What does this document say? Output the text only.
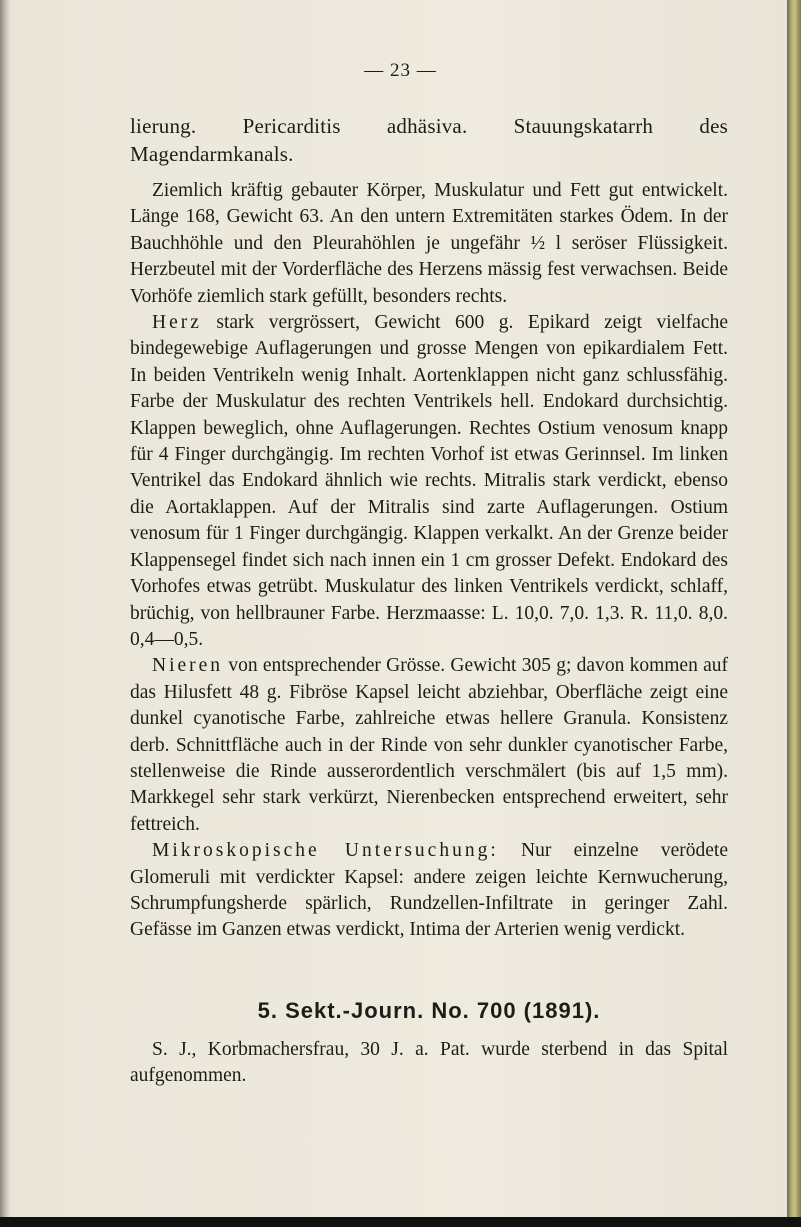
— 23 —

lierung. Pericarditis adhäsiva. Stauungskatarrh des Magendarmkanals.

Ziemlich kräftig gebauter Körper, Muskulatur und Fett gut entwickelt. Länge 168, Gewicht 63. An den untern Extremitäten starkes Ödem. In der Bauchhöhle und den Pleurahöhlen je ungefähr ½ l seröser Flüssigkeit. Herzbeutel mit der Vorderfläche des Herzens mässig fest verwachsen. Beide Vorhöfe ziemlich stark gefüllt, besonders rechts.

Herz stark vergrössert, Gewicht 600 g. Epikard zeigt vielfache bindegewebige Auflagerungen und grosse Mengen von epikardialem Fett. In beiden Ventrikeln wenig Inhalt. Aortenklappen nicht ganz schlussfähig. Farbe der Muskulatur des rechten Ventrikels hell. Endokard durchsichtig. Klappen beweglich, ohne Auflagerungen. Rechtes Ostium venosum knapp für 4 Finger durchgängig. Im rechten Vorhof ist etwas Gerinnsel. Im linken Ventrikel das Endokard ähnlich wie rechts. Mitralis stark verdickt, ebenso die Aortaklappen. Auf der Mitralis sind zarte Auflagerungen. Ostium venosum für 1 Finger durchgängig. Klappen verkalkt. An der Grenze beider Klappensegel findet sich nach innen ein 1 cm grosser Defekt. Endokard des Vorhofes etwas getrübt. Muskulatur des linken Ventrikels verdickt, schlaff, brüchig, von hellbrauner Farbe. Herzmaasse: L. 10,0. 7,0. 1,3. R. 11,0. 8,0. 0,4—0,5.

Nieren von entsprechender Grösse. Gewicht 305 g; davon kommen auf das Hilusfett 48 g. Fibröse Kapsel leicht abziehbar, Oberfläche zeigt eine dunkel cyanotische Farbe, zahlreiche etwas hellere Granula. Konsistenz derb. Schnittfläche auch in der Rinde von sehr dunkler cyanotischer Farbe, stellenweise die Rinde ausserordentlich verschmälert (bis auf 1,5 mm). Markkegel sehr stark verkürzt, Nierenbecken entsprechend erweitert, sehr fettreich.

Mikroskopische Untersuchung: Nur einzelne verödete Glomeruli mit verdickter Kapsel: andere zeigen leichte Kernwucherung, Schrumpfungsherde spärlich, Rundzellen-Infiltrate in geringer Zahl. Gefässe im Ganzen etwas verdickt, Intima der Arterien wenig verdickt.

5. Sekt.-Journ. No. 700 (1891).

S. J., Korbmachersfrau, 30 J. a. Pat. wurde sterbend in das Spital aufgenommen.
